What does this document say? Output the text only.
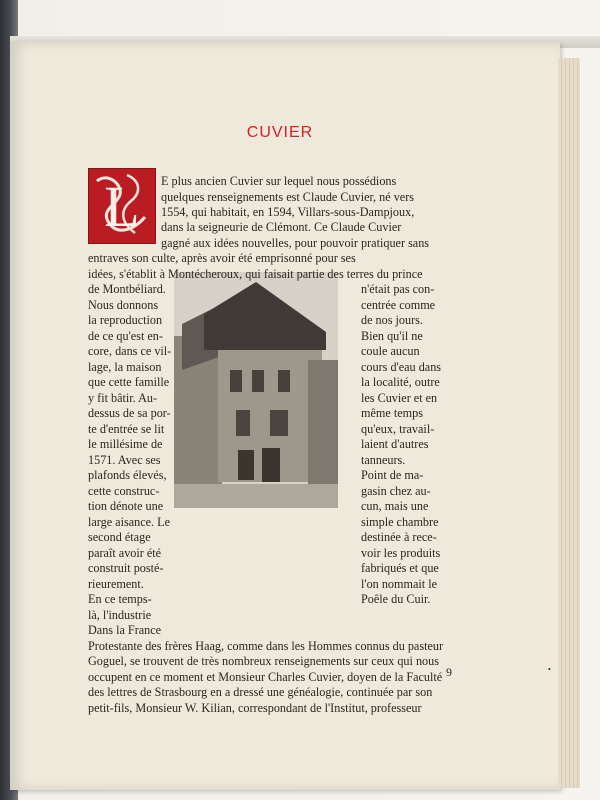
CUVIER
L E plus ancien Cuvier sur lequel nous possédions
quelques renseignements est Claude Cuvier, né vers
1554, qui habitait, en 1594, Villars-sous-Dampjoux,
dans la seigneurie de Clémont. Ce Claude Cuvier
gagné aux idées nouvelles, pour pouvoir pratiquer sans
entraves son culte, après avoir été emprisonné pour ses
idées, s'établit à Montécheroux, qui faisait partie des terres du prince
de Montbéliard.	n'était pas con-
Nous donnons	centrée comme
la reproduction	de nos jours.
de ce qu'est en-	Bien qu'il ne
core, dans ce vil-	coule aucun
lage, la maison	cours d'eau dans
que cette famille	la localité, outre
y fit bâtir. Au-	les Cuvier et en
dessus de sa por-	même temps
te d'entrée se lit	qu'eux, travail-
le millésime de	laient d'autres
1571. Avec ses	tanneurs.
plafonds élevés,	Point de ma-
cette construc-	gasin chez au-
tion dénote une	cun, mais une
large aisance. Le	simple chambre
second étage	destinée à rece-
paraît avoir été	voir les produits
construit posté-	fabriqués et que
rieurement.	l'on nommait le
En ce temps-	Poêle du Cuir.
là, l'industrie
Dans la France
Protestante des frères Haag, comme dans les Hommes connus du pasteur
Goguel, se trouvent de très nombreux renseignements sur ceux qui nous
occupent en ce moment et Monsieur Charles Cuvier, doyen de la Faculté
des lettres de Strasbourg en a dressé une généalogie, continuée par son
petit-fils, Monsieur W. Kilian, correspondant de l'Institut, professeur
9	•
